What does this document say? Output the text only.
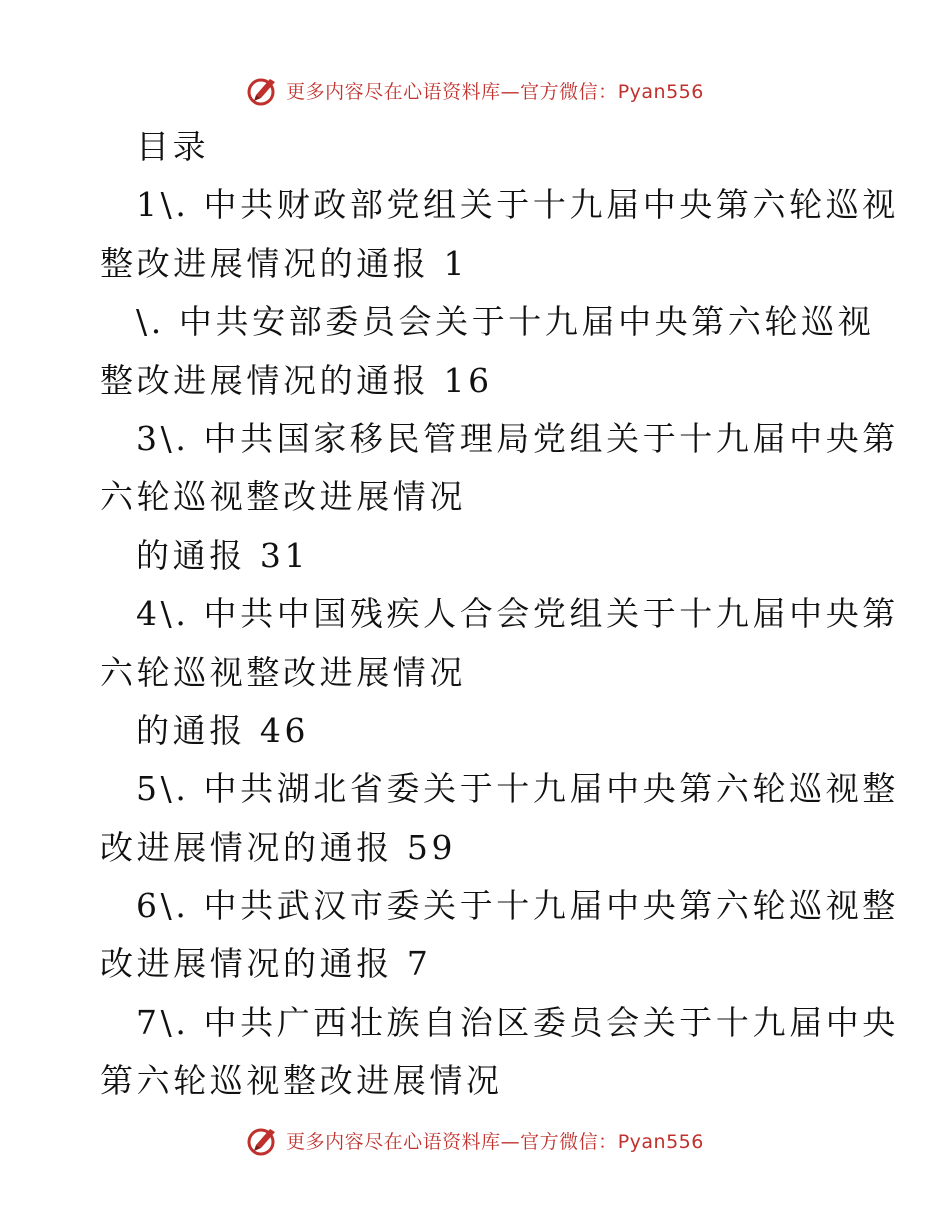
更多内容尽在心语资料库—官方微信：Pyan556
目录
1\. 中共财政部党组关于十九届中央第六轮巡视
整改进展情况的通报 1
\. 中共安部委员会关于十九届中央第六轮巡视
整改进展情况的通报 16
3\. 中共国家移民管理局党组关于十九届中央第
六轮巡视整改进展情况
的通报 31
4\. 中共中国残疾人合会党组关于十九届中央第
六轮巡视整改进展情况
的通报 46
5\. 中共湖北省委关于十九届中央第六轮巡视整
改进展情况的通报 59
6\. 中共武汉市委关于十九届中央第六轮巡视整
改进展情况的通报 7
7\. 中共广西壮族自治区委员会关于十九届中央
第六轮巡视整改进展情况
更多内容尽在心语资料库—官方微信：Pyan556
